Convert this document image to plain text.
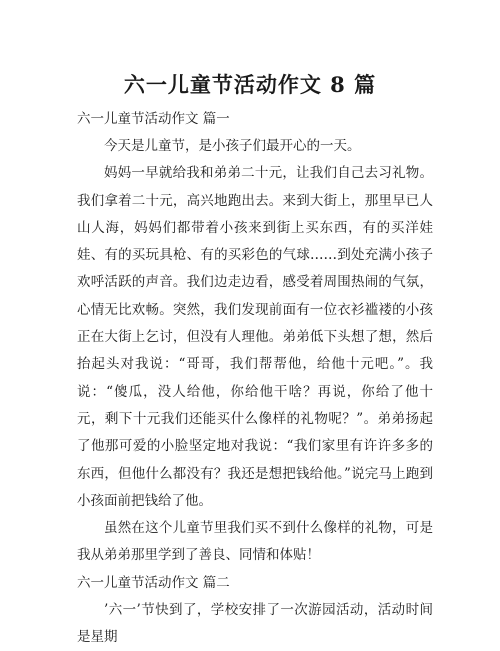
六一儿童节活动作文 8 篇

六一儿童节活动作文 篇一

今天是儿童节，是小孩子们最开心的一天。

妈妈一早就给我和弟弟二十元，让我们自己去习礼物。我们拿着二十元，高兴地跑出去。来到大街上，那里早已人山人海，妈妈们都带着小孩来到街上买东西，有的买洋娃娃、有的买玩具枪、有的买彩色的气球……到处充满小孩子欢呼活跃的声音。我们边走边看，感受着周围热闹的气氛，心情无比欢畅。突然，我们发现前面有一位衣衫褴褛的小孩正在大街上乞讨，但没有人理他。弟弟低下头想了想，然后抬起头对我说：“哥哥，我们帮帮他，给他十元吧。”。我说：“傻瓜，没人给他，你给他干啥？再说，你给了他十元，剩下十元我们还能买什么像样的礼物呢？”。弟弟扬起了他那可爱的小脸坚定地对我说：“我们家里有许许多多的东西，但他什么都没有？我还是想把钱给他。”说完马上跑到小孩面前把钱给了他。

虽然在这个儿童节里我们买不到什么像样的礼物，可是我从弟弟那里学到了善良、同情和体贴！

六一儿童节活动作文 篇二

’六一’节快到了，学校安排了一次游园活动，活动时间是星期
